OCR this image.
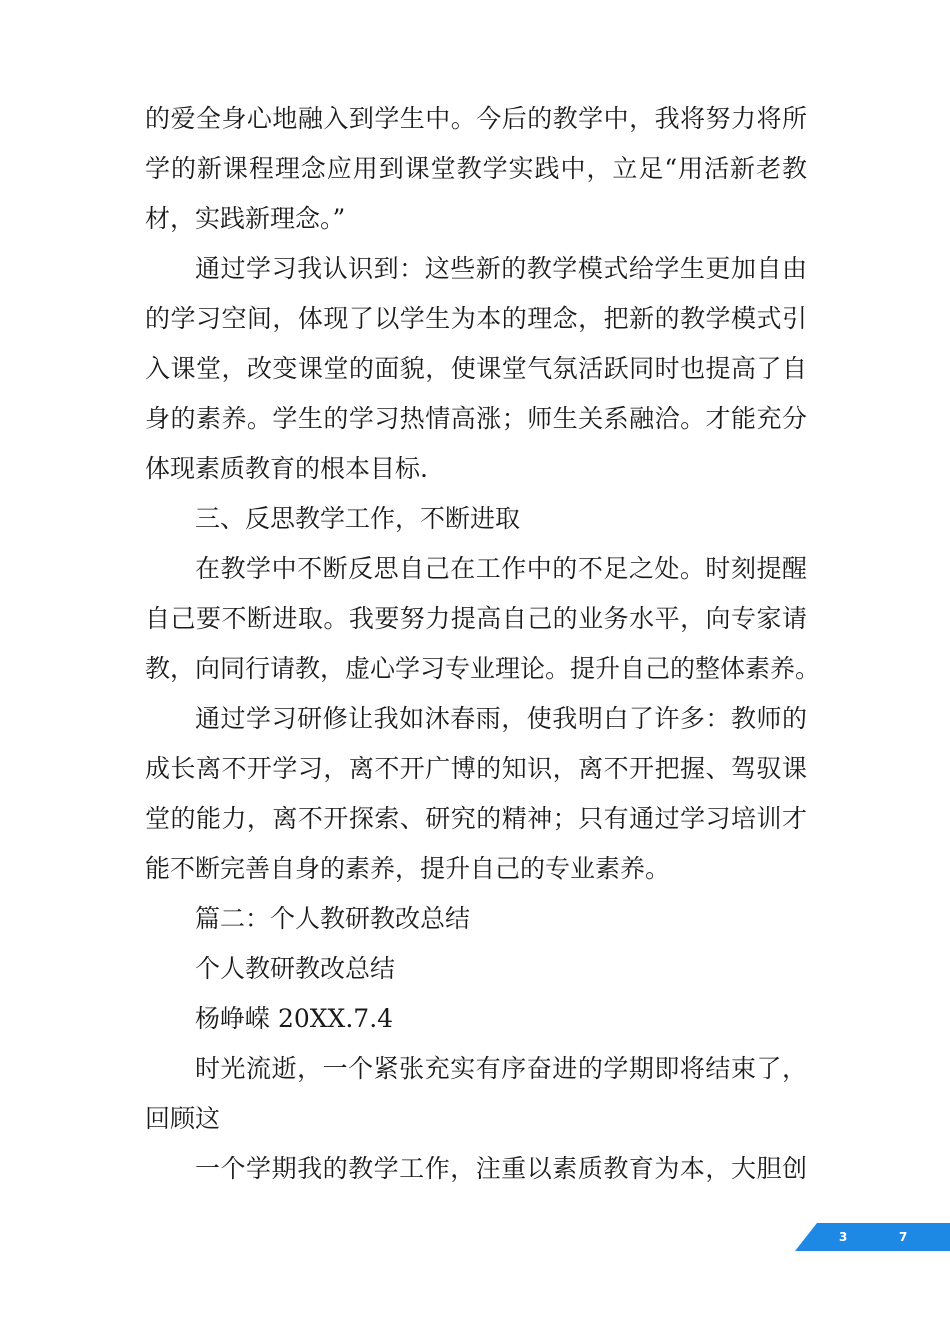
的爱全身心地融入到学生中。今后的教学中，我将努力将所
学的新课程理念应用到课堂教学实践中，立足“用活新老教
材，实践新理念。”
通过学习我认识到：这些新的教学模式给学生更加自由
的学习空间，体现了以学生为本的理念，把新的教学模式引
入课堂，改变课堂的面貌，使课堂气氛活跃同时也提高了自
身的素养。学生的学习热情高涨；师生关系融洽。才能充分
体现素质教育的根本目标.
三、反思教学工作，不断进取
在教学中不断反思自己在工作中的不足之处。时刻提醒
自己要不断进取。我要努力提高自己的业务水平，向专家请
教，向同行请教，虚心学习专业理论。提升自己的整体素养。
通过学习研修让我如沐春雨，使我明白了许多：教师的
成长离不开学习，离不开广博的知识，离不开把握、驾驭课
堂的能力，离不开探索、研究的精神；只有通过学习培训才
能不断完善自身的素养，提升自己的专业素养。
篇二：个人教研教改总结
个人教研教改总结
杨峥嵘 20XX.7.4
时光流逝，一个紧张充实有序奋进的学期即将结束了，
回顾这
一个学期我的教学工作，注重以素质教育为本，大胆创
3	7
